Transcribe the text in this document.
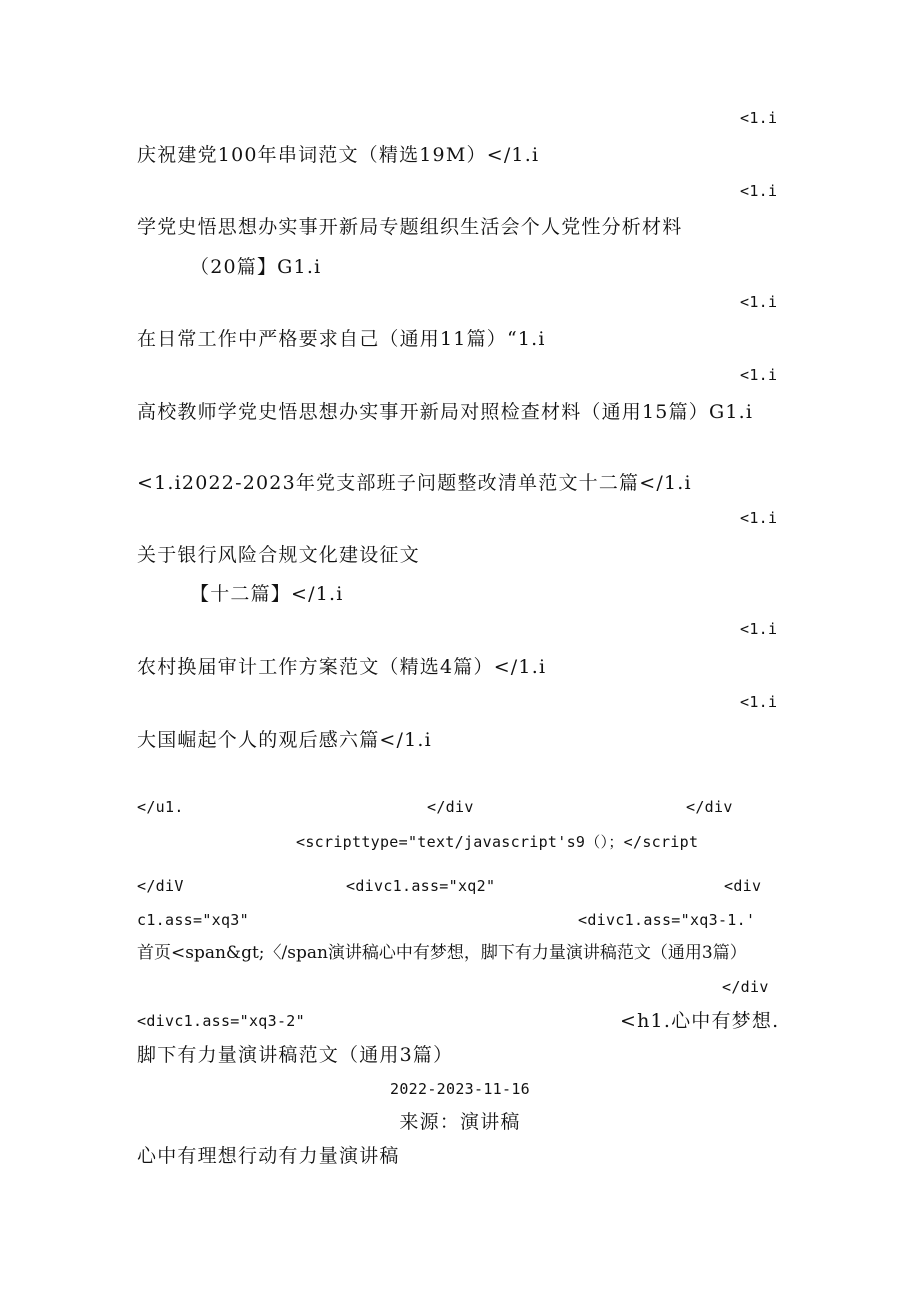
<1.i
庆祝建党100年串词范文（精选19M）</1.i
<1.i
学党史悟思想办实事开新局专题组织生活会个人党性分析材料
（20篇】G1.i
<1.i
在日常工作中严格要求自己（通用11篇）“1.i
<1.i
高校教师学党史悟思想办实事开新局对照检查材料（通用15篇）G1.i
<1.i2022-2023年党支部班子问题整改清单范文十二篇</1.i
<1.i
关于银行风险合规文化建设征文
【十二篇】</1.i
<1.i
农村换届审计工作方案范文（精选4篇）</1.i
<1.i
大国崛起个人的观后感六篇</1.i
</u1.	</div	</div
<scripttype="text/javascript's9（）；</script
</diV	<divc1.ass="xq2"	<div
c1.ass="xq3"	<divc1.ass="xq3-1.'
首页<span&gt;〈/span演讲稿心中有梦想，脚下有力量演讲稿范文（通用3篇）
</div
<divc1.ass="xq3-2"	<h1.心中有梦想.
脚下有力量演讲稿范文（通用3篇）
2022-2023-11-16
来源：演讲稿
心中有理想行动有力量演讲稿
